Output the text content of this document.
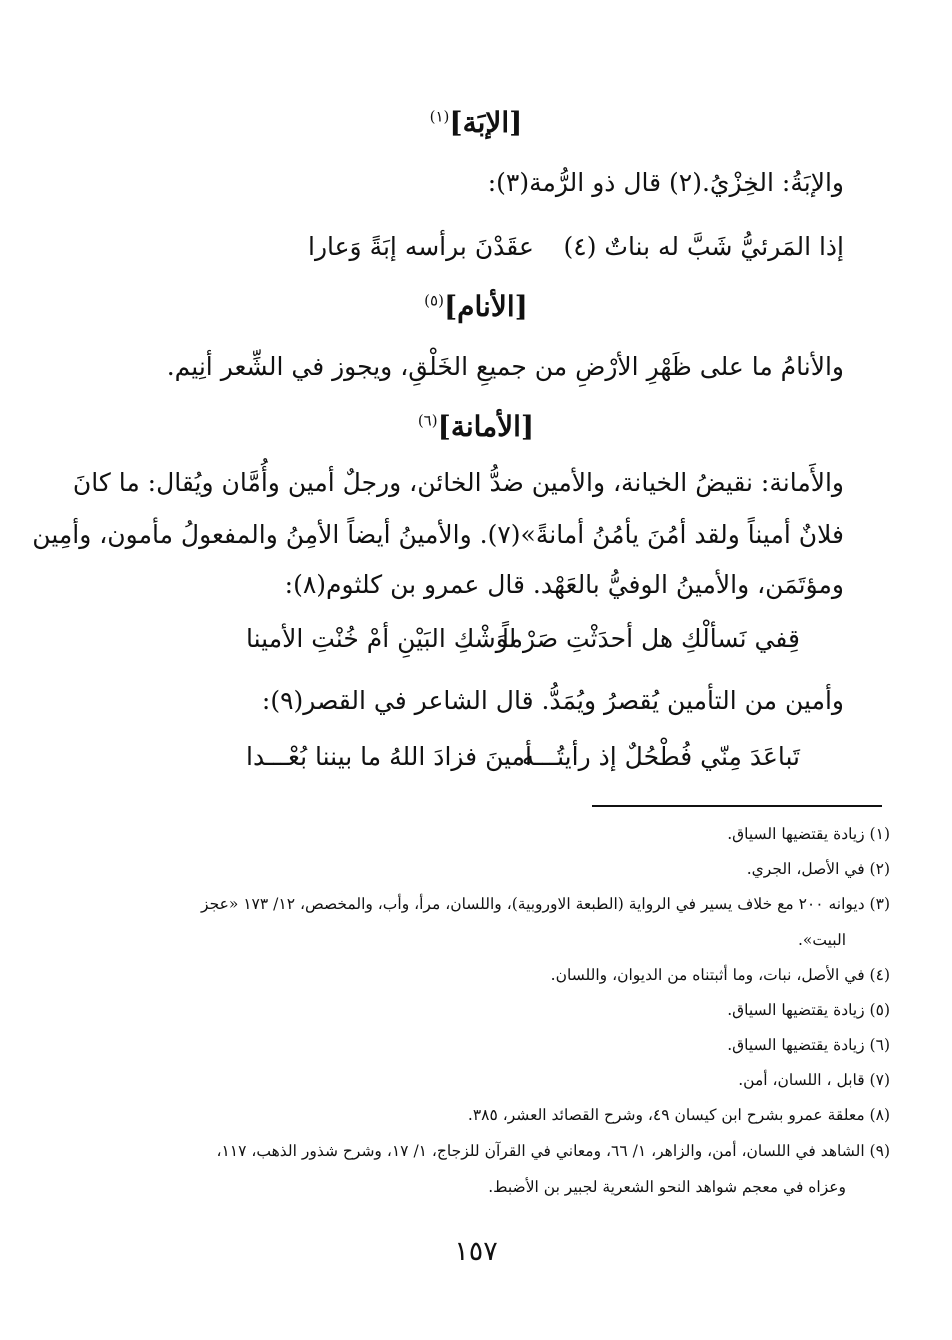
[الإبَة]$^{(١)}$
والإبَةُ: الخِزْيُ.(٢) قال ذو الرُّمة(٣):
إذا المَرئيُّ شَبَّ له بناتٌ (٤)
عقَدْنَ برأسه إبَةً وَعارا
[الأنام]$^{(٥)}$
والأنامُ ما على ظَهْرِ الأرْضِ من جميعِ الخَلْقِ، ويجوز في الشِّعر أنِيم.
[الأمانة]$^{(٦)}$
والأَمانة: نقيضُ الخيانة، والأمين ضدُّ الخائن، ورجلٌ أمين وأُمَّان ويُقال: ما كانَ
فلانٌ أميناً ولقد أمُنَ يأمُنُ أمانةً»(٧). والأمينُ أيضاً الأمِنُ والمفعولُ مأمون، وأمِين
ومؤتَمَن، والأمينُ الوفيُّ بالعَهْد. قال عمرو بن كلثوم(٨):
قِفي نَسألْكِ هل أحدَثْتِ صَرْماً
لوَشْكِ البَيْنِ أمْ خُنْتِ الأمينا
وأمين من التأمين يُقصرُ ويُمَدُّ. قال الشاعر في القصر(٩):
تَباعَدَ مِنّي فُطْحُلٌ إذ رأيتُـــه
أمينَ فزادَ اللهُ ما بيننا بُعْـــدا
(١) زيادة يقتضيها السياق.
(٢) في الأصل، الجري.
(٣) ديوانه ٢٠٠ مع خلاف يسير في الرواية (الطبعة الاوروبية)، واللسان، مرأ، وأب، والمخصص، ١٢/ ١٧٣ «عجز
البيت».
(٤) في الأصل، نبات، وما أثبتناه من الديوان، واللسان.
(٥) زيادة يقتضيها السياق.
(٦) زيادة يقتضيها السياق.
(٧) قابل ، اللسان، أمن.
(٨) معلقة عمرو بشرح ابن كيسان ٤٩، وشرح القصائد العشر، ٣٨٥.
(٩) الشاهد في اللسان، أمن، والزاهر، ١/ ٦٦، ومعاني في القرآن للزجاج، ١/ ١٧، وشرح شذور الذهب، ١١٧،
وعزاه في معجم شواهد النحو الشعرية لجبير بن الأضبط.
١٥٧
